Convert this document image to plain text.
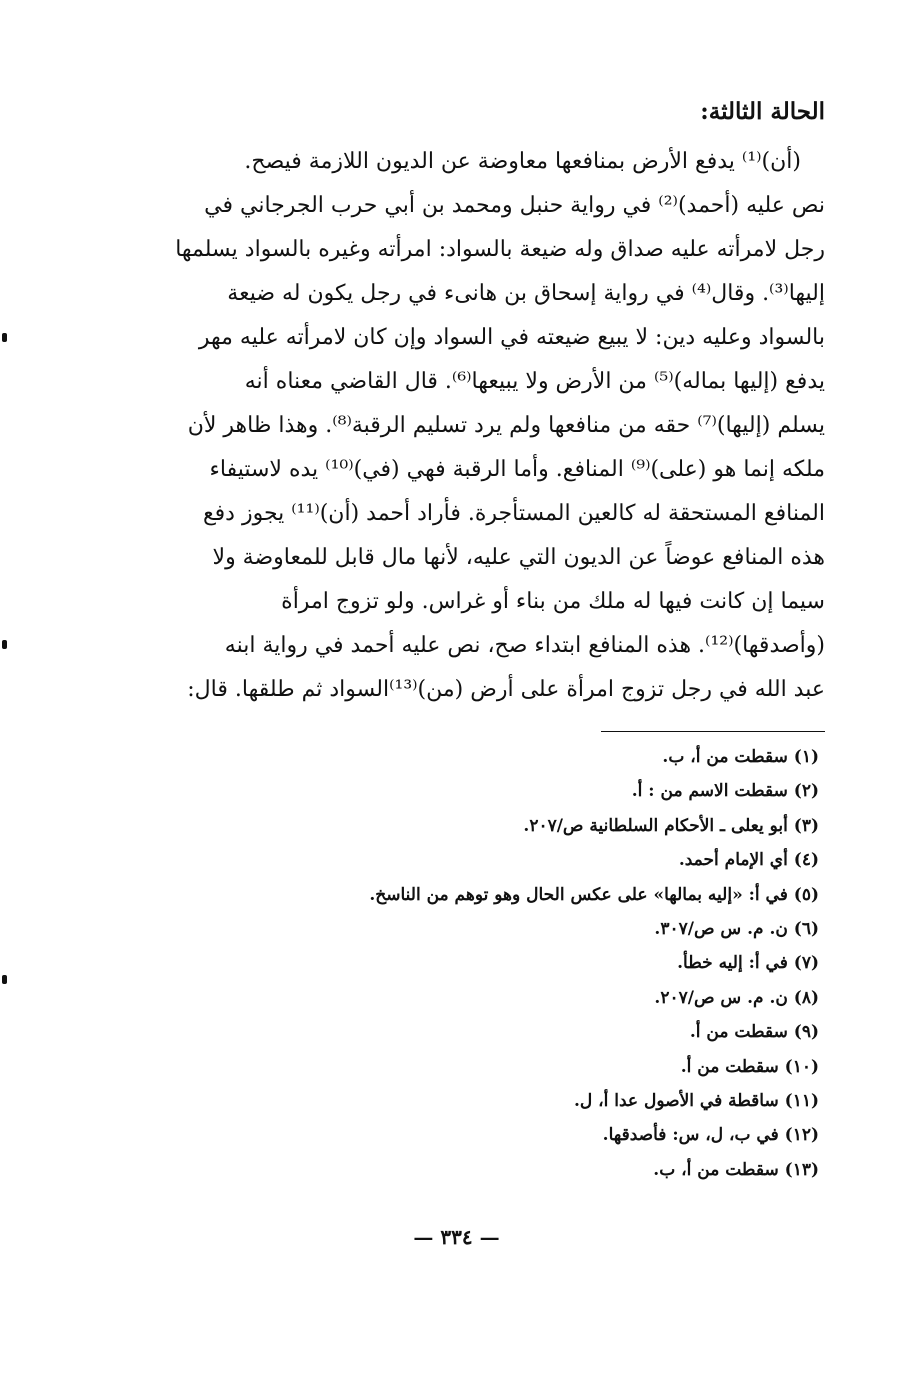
الحالة الثالثة:
(أن)⁽¹⁾ يدفع الأرض بمنافعها معاوضة عن الديون اللازمة فيصح.
نص عليه (أحمد)⁽²⁾ في رواية حنبل ومحمد بن أبي حرب الجرجاني في
رجل لامرأته عليه صداق وله ضيعة بالسواد: امرأته وغيره بالسواد يسلمها
إليها⁽³⁾. وقال⁽⁴⁾ في رواية إسحاق بن هانىء في رجل يكون له ضيعة
بالسواد وعليه دين: لا يبيع ضيعته في السواد وإن كان لامرأته عليه مهر
يدفع (إليها بماله)⁽⁵⁾ من الأرض ولا يبيعها⁽⁶⁾. قال القاضي معناه أنه
يسلم (إليها)⁽⁷⁾ حقه من منافعها ولم يرد تسليم الرقبة⁽⁸⁾. وهذا ظاهر لأن
ملكه إنما هو (على)⁽⁹⁾ المنافع. وأما الرقبة فهي (في)⁽¹⁰⁾ يده لاستيفاء
المنافع المستحقة له كالعين المستأجرة. فأراد أحمد (أن)⁽¹¹⁾ يجوز دفع
هذه المنافع عوضاً عن الديون التي عليه، لأنها مال قابل للمعاوضة ولا
سيما إن كانت فيها له ملك من بناء أو غراس. ولو تزوج امرأة
(وأصدقها)⁽¹²⁾. هذه المنافع ابتداء صح، نص عليه أحمد في رواية ابنه
عبد الله في رجل تزوج امرأة على أرض (من)⁽¹³⁾السواد ثم طلقها. قال:
(١) سقطت من أ، ب.
(٢) سقطت الاسم من : أ.
(٣) أبو يعلى ـ الأحكام السلطانية ص/٢٠٧.
(٤) أي الإمام أحمد.
(٥) في أ: «إليه بمالها» على عكس الحال وهو توهم من الناسخ.
(٦) ن. م. س ص/٣٠٧.
(٧) في أ: إليه خطأ.
(٨) ن. م. س ص/٢٠٧.
(٩) سقطت من أ.
(١٠) سقطت من أ.
(١١) ساقطة في الأصول عدا أ، ل.
(١٢) في ب، ل، س: فأصدقها.
(١٣) سقطت من أ، ب.
— ٣٣٤ —
